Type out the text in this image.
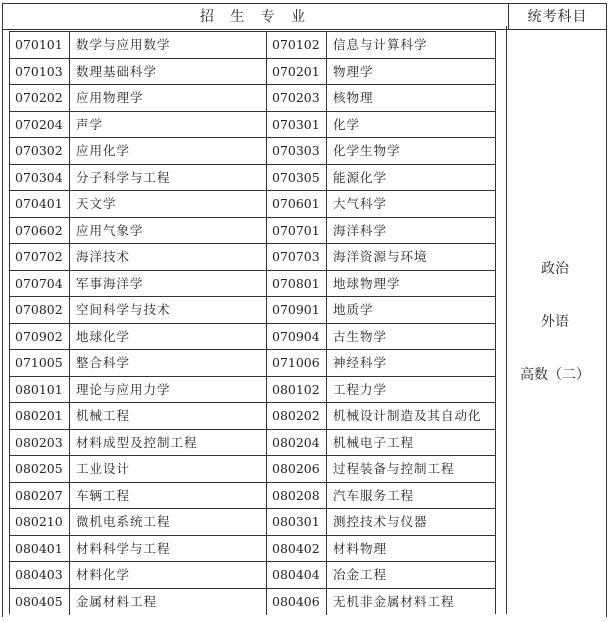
招 生 专 业	统考科目
070101	数学与应用数学	070102	信息与计算科学
070103	数理基础科学	070201	物理学
070202	应用物理学	070203	核物理
070204	声学	070301	化学
070302	应用化学	070303	化学生物学
070304	分子科学与工程	070305	能源化学
070401	天文学	070601	大气科学
070602	应用气象学	070701	海洋科学
070702	海洋技术	070703	海洋资源与环境
070704	军事海洋学	070801	地球物理学
070802	空间科学与技术	070901	地质学
070902	地球化学	070904	古生物学
071005	整合科学	071006	神经科学
080101	理论与应用力学	080102	工程力学
080201	机械工程	080202	机械设计制造及其自动化
080203	材料成型及控制工程	080204	机械电子工程
080205	工业设计	080206	过程装备与控制工程
080207	车辆工程	080208	汽车服务工程
080210	微机电系统工程	080301	测控技术与仪器
080401	材料科学与工程	080402	材料物理
080403	材料化学	080404	冶金工程
080405	金属材料工程	080406	无机非金属材料工程
政治
外语
高数（二）
